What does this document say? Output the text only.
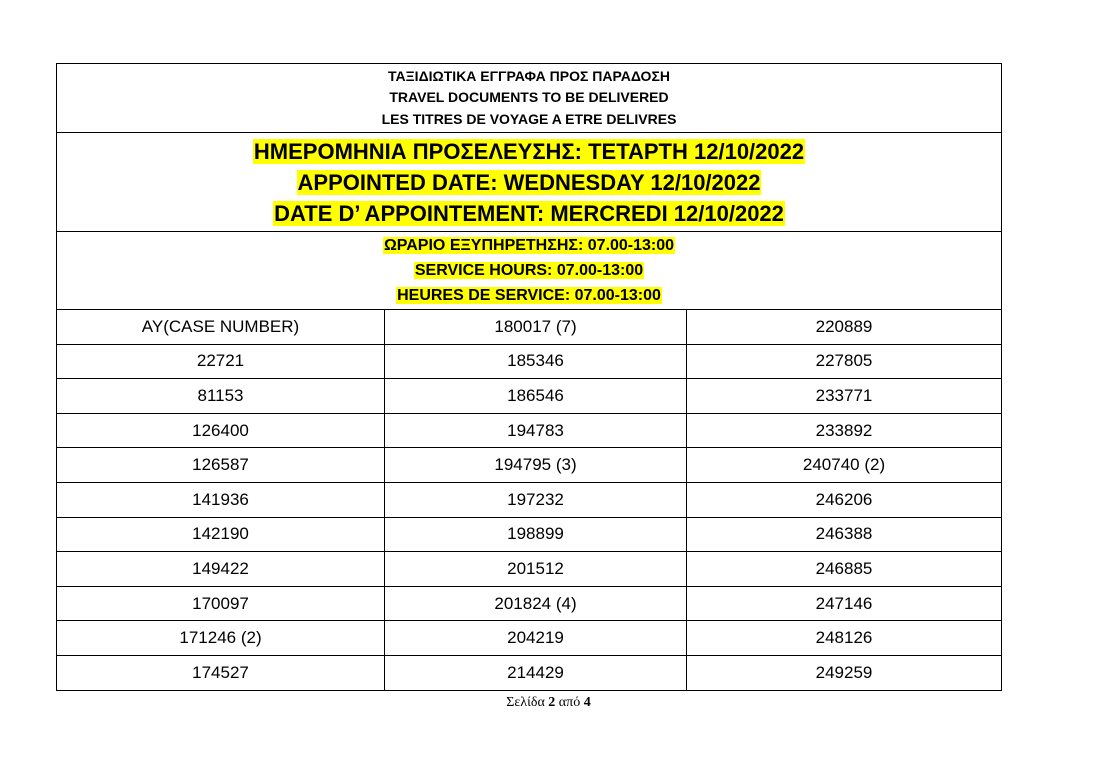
ΤΑΞΙΔΙΩΤΙΚΑ ΕΓΓΡΑΦΑ ΠΡΟΣ ΠΑΡΑΔΟΣΗ
TRAVEL DOCUMENTS TO BE DELIVERED
LES TITRES DE VOYAGE A ETRE DELIVRES		

ΗΜΕΡΟΜΗΝΙΑ ΠΡΟΣΕΛΕΥΣΗΣ: ΤΕΤΑΡΤΗ 12/10/2022
APPOINTED DATE: WEDNESDAY 12/10/2022
DATE D’ APPOINTEMENT: MERCREDI 12/10/2022		

ΩΡΑΡΙΟ ΕΞΥΠΗΡΕΤΗΣΗΣ: 07.00-13:00
SERVICE HOURS: 07.00-13:00
HEURES DE SERVICE: 07.00-13:00		

ΑΥ(CASE NUMBER)	180017 (7)	220889
22721	185346	227805
81153	186546	233771
126400	194783	233892
126587	194795 (3)	240740 (2)
141936	197232	246206
142190	198899	246388
149422	201512	246885
170097	201824 (4)	247146
171246 (2)	204219	248126
174527	214429	249259
Σελίδα 2 από 4
